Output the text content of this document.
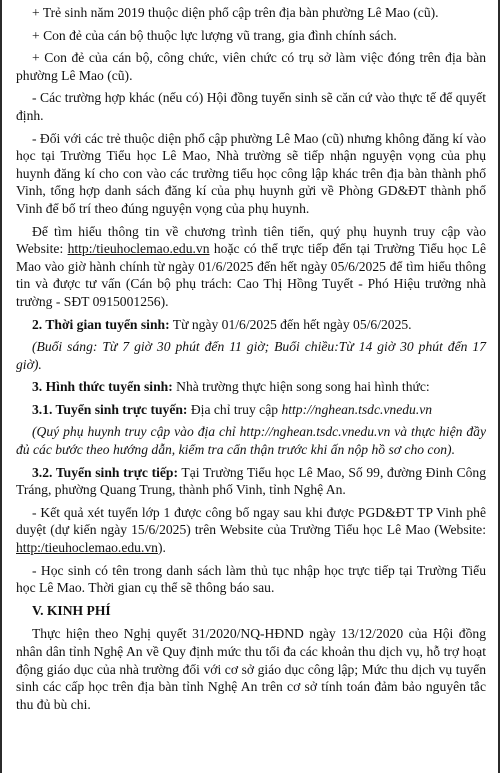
+ Trẻ sinh năm 2019 thuộc diện phổ cập trên địa bàn phường Lê Mao (cũ).

+ Con đẻ của cán bộ thuộc lực lượng vũ trang, gia đình chính sách.

+ Con đẻ của cán bộ, công chức, viên chức có trụ sở làm việc đóng trên địa bàn phường Lê Mao (cũ).

- Các trường hợp khác (nếu có) Hội đồng tuyển sinh sẽ căn cứ vào thực tế để quyết định.

- Đối với các trẻ thuộc diện phổ cập phường Lê Mao (cũ) nhưng không đăng kí vào học tại Trường Tiểu học Lê Mao, Nhà trường sẽ tiếp nhận nguyện vọng của phụ huynh đăng kí cho con vào các trường tiểu học công lập khác trên địa bàn thành phố Vinh, tổng hợp danh sách đăng kí của phụ huynh gửi về Phòng GD&ĐT thành phố Vinh để bố trí theo đúng nguyện vọng của phụ huynh.

Để tìm hiểu thông tin về chương trình tiên tiến, quý phụ huynh truy cập vào Website: http:/tieuhoclemao.edu.vn hoặc có thể trực tiếp đến tại Trường Tiểu học Lê Mao vào giờ hành chính từ ngày 01/6/2025 đến hết ngày 05/6/2025 để tìm hiểu thông tin và được tư vấn (Cán bộ phụ trách: Cao Thị Hồng Tuyết - Phó Hiệu trưởng nhà trường - SĐT 0915001256).

2. Thời gian tuyển sinh: Từ ngày 01/6/2025 đến hết ngày 05/6/2025.

(Buổi sáng: Từ 7 giờ 30 phút đến 11 giờ; Buổi chiều:Từ 14 giờ 30 phút đến 17 giờ).

3. Hình thức tuyển sinh: Nhà trường thực hiện song song hai hình thức:

3.1. Tuyển sinh trực tuyến: Địa chỉ truy cập http://nghean.tsdc.vnedu.vn

(Quý phụ huynh truy cập vào địa chỉ http://nghean.tsdc.vnedu.vn và thực hiện đầy đủ các bước theo hướng dẫn, kiểm tra cẩn thận trước khi ấn nộp hồ sơ cho con).

3.2. Tuyển sinh trực tiếp: Tại Trường Tiểu học Lê Mao, Số 99, đường Đinh Công Tráng, phường Quang Trung, thành phố Vinh, tỉnh Nghệ An.

- Kết quả xét tuyển lớp 1 được công bố ngay sau khi được PGD&ĐT TP Vinh phê duyệt (dự kiến ngày 15/6/2025) trên Website của Trường Tiểu học Lê Mao (Website: http:/tieuhoclemao.edu.vn).

- Học sinh có tên trong danh sách làm thủ tục nhập học trực tiếp tại Trường Tiểu học Lê Mao. Thời gian cụ thể sẽ thông báo sau.

V. KINH PHÍ

Thực hiện theo Nghị quyết 31/2020/NQ-HĐND ngày 13/12/2020 của Hội đồng nhân dân tỉnh Nghệ An về Quy định mức thu tối đa các khoản thu dịch vụ, hỗ trợ hoạt động giáo dục của nhà trường đối với cơ sở giáo dục công lập; Mức thu dịch vụ tuyển sinh các cấp học trên địa bàn tỉnh Nghệ An trên cơ sở tính toán đảm bảo nguyên tắc thu đủ bù chi.
